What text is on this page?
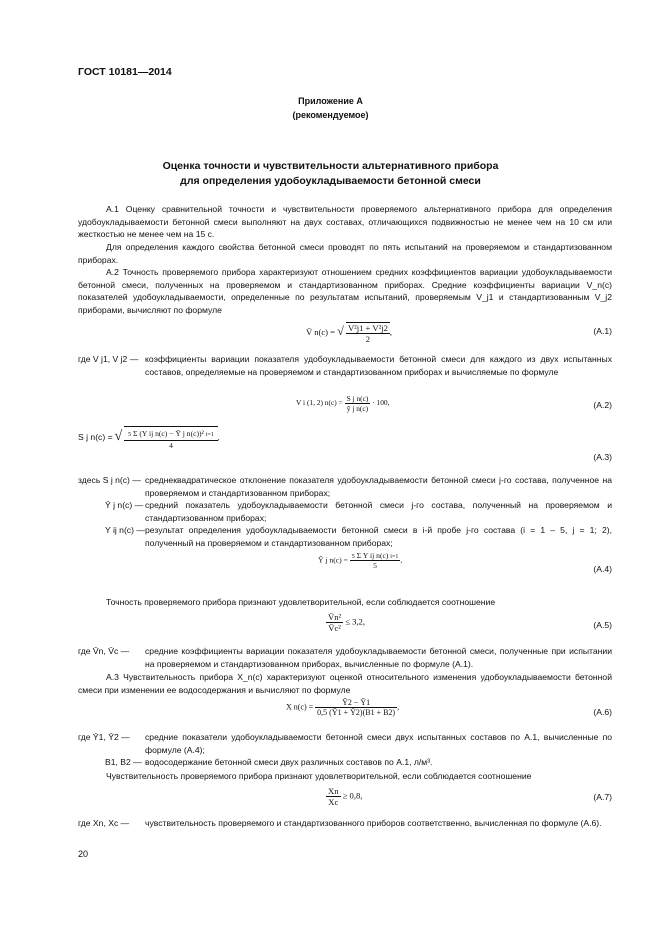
ГОСТ 10181—2014
Приложение А
(рекомендуемое)
Оценка точности и чувствительности альтернативного прибора
для определения удобоукладываемости бетонной смеси
А.1 Оценку сравнительной точности и чувствительности проверяемого альтернативного прибора для определения удобоукладываемости бетонной смеси выполняют на двух составах, отличающихся подвижностью не менее чем на 10 см или жесткостью не менее чем на 15 с.
Для определения каждого свойства бетонной смеси проводят по пять испытаний на проверяемом и стандартизованном приборах.
А.2 Точность проверяемого прибора характеризуют отношением средних коэффициентов вариации удобоукладываемости бетонной смеси, полученных на проверяемом и стандартизованном приборах. Средние коэффициенты вариации V_n(c) показателей удобоукладываемости, определенные по результатам испытаний, проверяемым V_j1 и стандартизованным V_j2 приборами, вычисляют по формуле
V̄ n(c) = √ $\frac{\text{V²j1 + V²j2}}{2}$ ,	(А.1)
где V j1, V j2 — коэффициенты вариации показателя удобоукладываемости бетонной смеси для каждого из двух испытанных составов, определяемые на проверяемом и стандартизованном приборах и вычисляемые по формуле
V i (1, 2) $n(c) = \frac{\text{S j n(c)}}{\text{ȳ j n(c)}} \cdot 100$,	(А.2)
S j n(c) = √ $\frac{\text{5 Σ (Y ij n(c) − Ȳ j n(c))² i=1}}{4}$ ,
(А.3)
здесь S j n(c) — среднеквадратическое отклонение показателя удобоукладываемости бетонной смеси j-го состава, полученное на проверяемом и стандартизованном приборах;
Ȳ j n(c) — средний показатель удобоукладываемости бетонной смеси j-го состава, полученный на проверяемом и стандартизованном приборах;
Y ij n(c) — результат определения удобоукладываемости бетонной смеси в i-й пробе j-го состава (i = 1 – 5, j = 1; 2), полученный на проверяемом и стандартизованном приборах;
Ȳ j $n(c) = \frac{\text{5 Σ Y ij n(c) i=1}}{5}$ ,
(А.4)
Точность проверяемого прибора признают удовлетворительной, если соблюдается соотношение
$\frac{\text{V̄n²}}{\text{V̄c²}} \le 3,2$,	(А.5)
где V̄n, V̄c — средние коэффициенты вариации показателя удобоукладываемости бетонной смеси, полученные при испытании на проверяемом и стандартизованном приборах, вычисленные по формуле (А.1).
А.3 Чувствительность прибора X_n(c) характеризуют оценкой относительного изменения удобоукладываемости бетонной смеси при изменении ее водосодержания и вычисляют по формуле
X $n(c) = \frac{Ȳ2 - Ȳ1}{0,5 (Ȳ1 + Ȳ2)(B1 + B2)}$ ,
(А.6)
где Ȳ1, Ȳ2 — средние показатели удобоукладываемости бетонной смеси двух испытанных составов по А.1, вычисленные по формуле (А.4);
B1, B2 — водосодержание бетонной смеси двух различных составов по А.1, л/м³.
Чувствительность проверяемого прибора признают удовлетворительной, если соблюдается соотношение
$\frac{Xn}{Xc} \ge 0,8$,	(А.7)
где Xn, Xc — чувствительность проверяемого и стандартизованного приборов соответственно, вычисленная по формуле (А.6).
20
